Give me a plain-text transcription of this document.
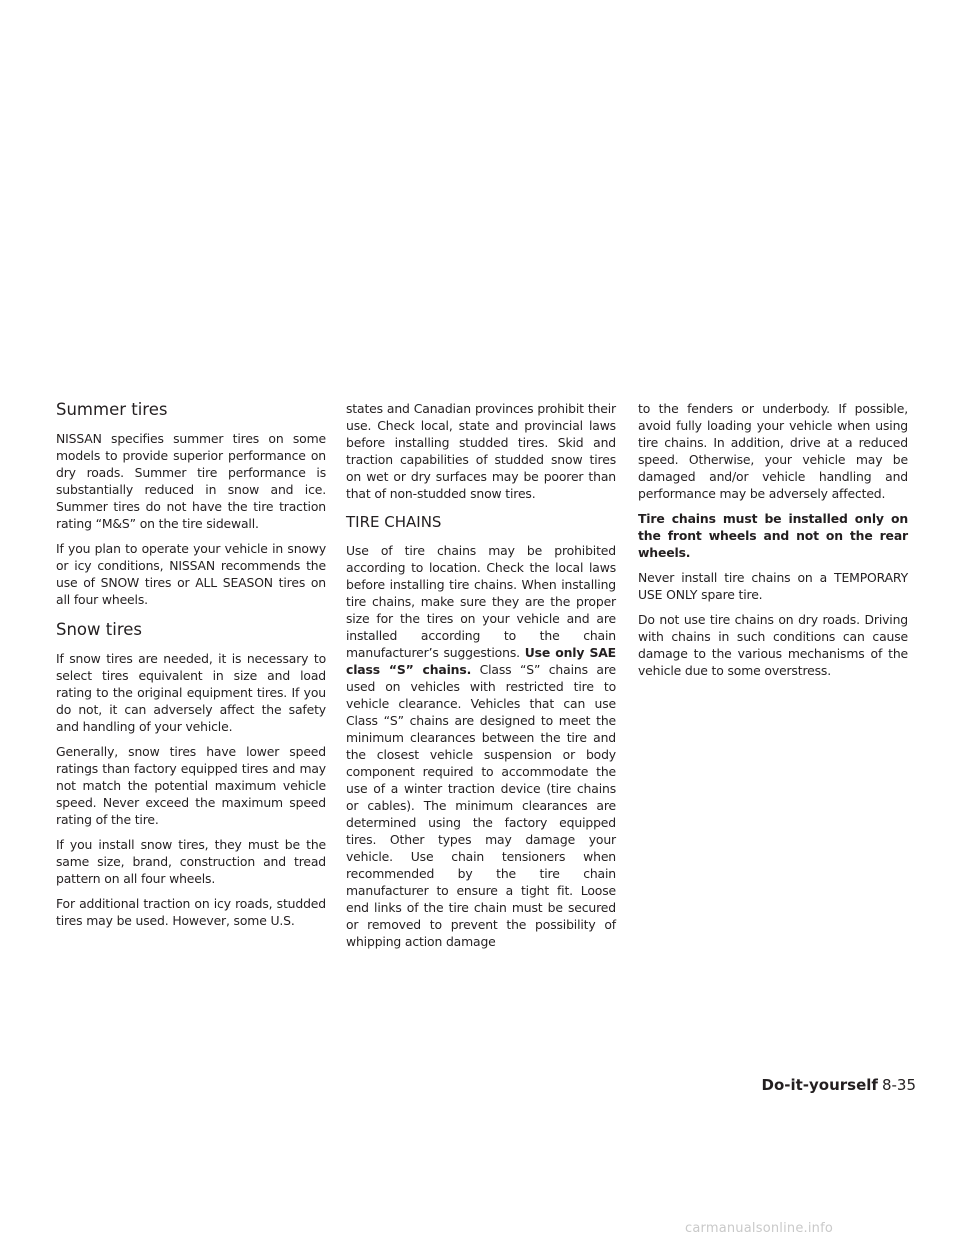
Summer tires

NISSAN specifies summer tires on some models to provide superior performance on dry roads. Summer tire performance is substantially reduced in snow and ice. Summer tires do not have the tire traction rating “M&S” on the tire sidewall.

If you plan to operate your vehicle in snowy or icy conditions, NISSAN recommends the use of SNOW tires or ALL SEASON tires on all four wheels.

Snow tires

If snow tires are needed, it is necessary to select tires equivalent in size and load rating to the original equipment tires. If you do not, it can adversely affect the safety and handling of your vehicle.

Generally, snow tires have lower speed ratings than factory equipped tires and may not match the potential maximum vehicle speed. Never exceed the maximum speed rating of the tire.

If you install snow tires, they must be the same size, brand, construction and tread pattern on all four wheels.

For additional traction on icy roads, studded tires may be used. However, some U.S.

states and Canadian provinces prohibit their use. Check local, state and provincial laws before installing studded tires. Skid and traction capabilities of studded snow tires on wet or dry surfaces may be poorer than that of non-studded snow tires.

TIRE CHAINS

Use of tire chains may be prohibited according to location. Check the local laws before installing tire chains. When installing tire chains, make sure they are the proper size for the tires on your vehicle and are installed according to the chain manufacturer’s suggestions. Use only SAE class “S” chains. Class “S” chains are used on vehicles with restricted tire to vehicle clearance. Vehicles that can use Class “S” chains are designed to meet the minimum clearances between the tire and the closest vehicle suspension or body component required to accommodate the use of a winter traction device (tire chains or cables). The minimum clearances are determined using the factory equipped tires. Other types may damage your vehicle. Use chain tensioners when recommended by the tire chain manufacturer to ensure a tight fit. Loose end links of the tire chain must be secured or removed to prevent the possibility of whipping action damage

to the fenders or underbody. If possible, avoid fully loading your vehicle when using tire chains. In addition, drive at a reduced speed. Otherwise, your vehicle may be damaged and/or vehicle handling and performance may be adversely affected.

Tire chains must be installed only on the front wheels and not on the rear wheels.

Never install tire chains on a TEMPORARY USE ONLY spare tire.

Do not use tire chains on dry roads. Driving with chains in such conditions can cause damage to the various mechanisms of the vehicle due to some overstress.

Do-it-yourself 8-35
carmanualsonline.info
